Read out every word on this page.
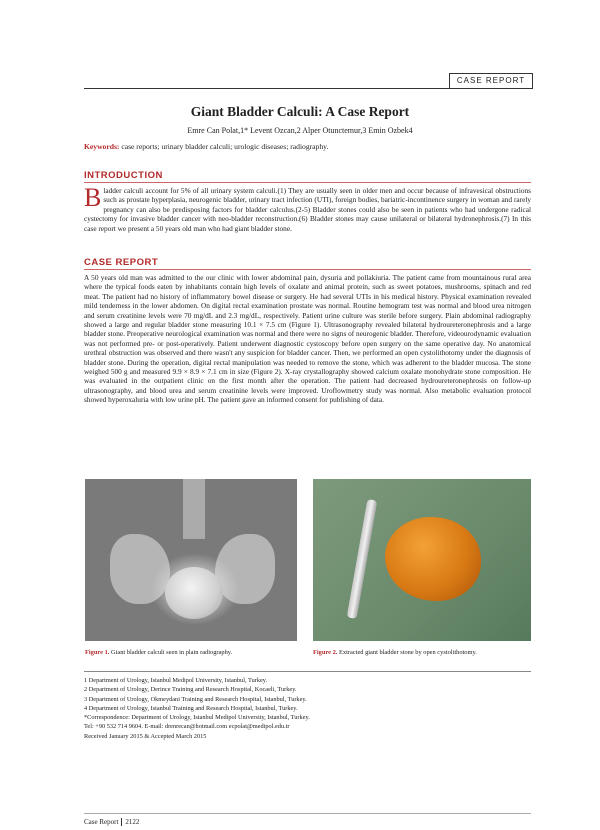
CASE REPORT
Giant Bladder Calculi: A Case Report
Emre Can Polat,1* Levent Ozcan,2 Alper Otunctemur,3 Emin Ozbek4
Keywords: case reports; urinary bladder calculi; urologic diseases; radiography.
INTRODUCTION
Bladder calculi account for 5% of all urinary system calculi.(1) They are usually seen in older men and occur because of infravesical obstructions such as prostate hyperplasia, neurogenic bladder, urinary tract infection (UTI), foreign bodies, bariatric-incontinence surgery in woman and rarely pregnancy can also be predisposing factors for bladder calculus.(2-5) Bladder stones could also be seen in patients who had undergone radical cystectomy for invasive bladder cancer with neo-bladder reconstruction.(6) Bladder stones may cause unilateral or bilateral hydronephrosis.(7) In this case report we present a 50 years old man who had giant bladder stone.
CASE REPORT
A 50 years old man was admitted to the our clinic with lower abdominal pain, dysuria and pollakiuria. The patient came from mountainous rural area where the typical foods eaten by inhabitants contain high levels of oxalate and animal protein, such as sweet potatoes, mushrooms, spinach and red meat. The patient had no history of inflammatory bowel disease or surgery. He had several UTIs in his medical history. Physical examination revealed mild tenderness in the lower abdomen. On digital rectal examination prostate was normal. Routine hemogram test was normal and blood urea nitrogen and serum creatinine levels were 70 mg/dL and 2.3 mg/dL, respectively. Patient urine culture was sterile before surgery. Plain abdominal radiography showed a large and regular bladder stone measuring 10.1 × 7.5 cm (Figure 1). Ultrasonography revealed bilateral hydroureteronephrosis and a large bladder stone. Preoperative neurological examination was normal and there were no signs of neurogenic bladder. Therefore, videourodynamic evaluation was not performed pre- or post-operatively. Patient underwent diagnostic cystoscopy before open surgery on the same operative day. No anatomical urethral obstruction was observed and there wasn't any suspicion for bladder cancer. Then, we performed an open cystolithotomy under the diagnosis of bladder stone. During the operation, digital rectal manipulation was needed to remove the stone, which was adherent to the bladder mucosa. The stone weighed 500 g and measured 9.9 × 8.9 × 7.1 cm in size (Figure 2). X-ray crystallography showed calcium oxalate monohydrate stone composition. He was evaluated in the outpatient clinic on the first month after the operation. The patient had decreased hydroureteronephrosis on follow-up ultrasonography, and blood urea and serum creatinine levels were improved. Uroflowmetry study was normal. Also metabolic evaluation protocol showed hyperoxaluria with low urine pH. The patient gave an informed consent for publishing of data.
Figure 1. Giant bladder calculi seen in plain radiography.	Figure 2. Extracted giant bladder stone by open cystolithotomy.
1 Department of Urology, Istanbul Medipol University, Istanbul, Turkey.
2 Department of Urology, Derince Training and Research Hospital, Kocaeli, Turkey.
3 Department of Urology, Okmeydani Training and Research Hospital, Istanbul, Turkey.
4 Department of Urology, Istanbul Training and Research Hospital, Istanbul, Turkey.
*Correspondence: Department of Urology, Istanbul Medipol University, Istanbul, Turkey.
Tel: +90 532 714 9604. E-mail: drenrecan@hotmail.com ecpolat@medipol.edu.tr
Received January 2015 & Accepted March 2015
Case Report 2122
